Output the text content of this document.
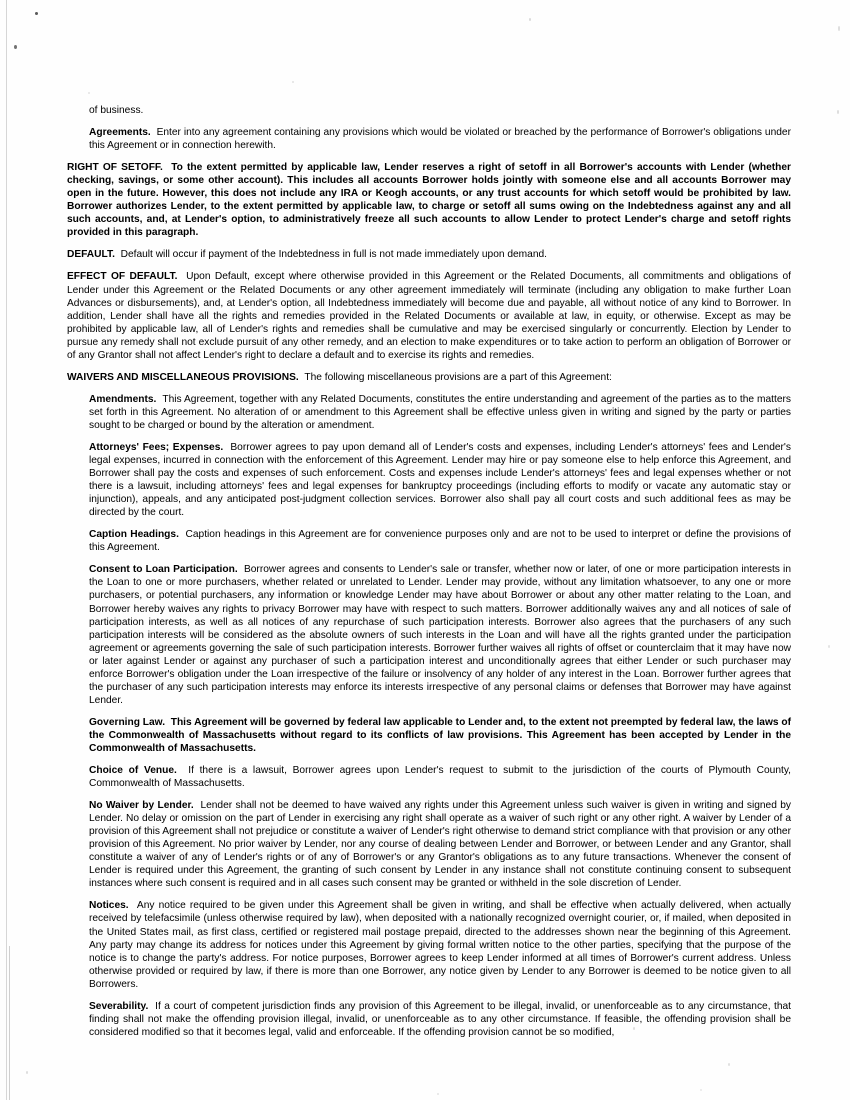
of business.

Agreements. Enter into any agreement containing any provisions which would be violated or breached by the performance of Borrower's obligations under this Agreement or in connection herewith.

RIGHT OF SETOFF. To the extent permitted by applicable law, Lender reserves a right of setoff in all Borrower's accounts with Lender (whether checking, savings, or some other account). This includes all accounts Borrower holds jointly with someone else and all accounts Borrower may open in the future. However, this does not include any IRA or Keogh accounts, or any trust accounts for which setoff would be prohibited by law. Borrower authorizes Lender, to the extent permitted by applicable law, to charge or setoff all sums owing on the Indebtedness against any and all such accounts, and, at Lender's option, to administratively freeze all such accounts to allow Lender to protect Lender's charge and setoff rights provided in this paragraph.

DEFAULT. Default will occur if payment of the Indebtedness in full is not made immediately upon demand.

EFFECT OF DEFAULT. Upon Default, except where otherwise provided in this Agreement or the Related Documents, all commitments and obligations of Lender under this Agreement or the Related Documents or any other agreement immediately will terminate (including any obligation to make further Loan Advances or disbursements), and, at Lender's option, all Indebtedness immediately will become due and payable, all without notice of any kind to Borrower. In addition, Lender shall have all the rights and remedies provided in the Related Documents or available at law, in equity, or otherwise. Except as may be prohibited by applicable law, all of Lender's rights and remedies shall be cumulative and may be exercised singularly or concurrently. Election by Lender to pursue any remedy shall not exclude pursuit of any other remedy, and an election to make expenditures or to take action to perform an obligation of Borrower or of any Grantor shall not affect Lender's right to declare a default and to exercise its rights and remedies.

WAIVERS AND MISCELLANEOUS PROVISIONS. The following miscellaneous provisions are a part of this Agreement:

Amendments. This Agreement, together with any Related Documents, constitutes the entire understanding and agreement of the parties as to the matters set forth in this Agreement. No alteration of or amendment to this Agreement shall be effective unless given in writing and signed by the party or parties sought to be charged or bound by the alteration or amendment.

Attorneys' Fees; Expenses. Borrower agrees to pay upon demand all of Lender's costs and expenses, including Lender's attorneys' fees and Lender's legal expenses, incurred in connection with the enforcement of this Agreement. Lender may hire or pay someone else to help enforce this Agreement, and Borrower shall pay the costs and expenses of such enforcement. Costs and expenses include Lender's attorneys' fees and legal expenses whether or not there is a lawsuit, including attorneys' fees and legal expenses for bankruptcy proceedings (including efforts to modify or vacate any automatic stay or injunction), appeals, and any anticipated post-judgment collection services. Borrower also shall pay all court costs and such additional fees as may be directed by the court.

Caption Headings. Caption headings in this Agreement are for convenience purposes only and are not to be used to interpret or define the provisions of this Agreement.

Consent to Loan Participation. Borrower agrees and consents to Lender's sale or transfer, whether now or later, of one or more participation interests in the Loan to one or more purchasers, whether related or unrelated to Lender. Lender may provide, without any limitation whatsoever, to any one or more purchasers, or potential purchasers, any information or knowledge Lender may have about Borrower or about any other matter relating to the Loan, and Borrower hereby waives any rights to privacy Borrower may have with respect to such matters. Borrower additionally waives any and all notices of sale of participation interests, as well as all notices of any repurchase of such participation interests. Borrower also agrees that the purchasers of any such participation interests will be considered as the absolute owners of such interests in the Loan and will have all the rights granted under the participation agreement or agreements governing the sale of such participation interests. Borrower further waives all rights of offset or counterclaim that it may have now or later against Lender or against any purchaser of such a participation interest and unconditionally agrees that either Lender or such purchaser may enforce Borrower's obligation under the Loan irrespective of the failure or insolvency of any holder of any interest in the Loan. Borrower further agrees that the purchaser of any such participation interests may enforce its interests irrespective of any personal claims or defenses that Borrower may have against Lender.

Governing Law. This Agreement will be governed by federal law applicable to Lender and, to the extent not preempted by federal law, the laws of the Commonwealth of Massachusetts without regard to its conflicts of law provisions. This Agreement has been accepted by Lender in the Commonwealth of Massachusetts.

Choice of Venue. If there is a lawsuit, Borrower agrees upon Lender's request to submit to the jurisdiction of the courts of Plymouth County, Commonwealth of Massachusetts.

No Waiver by Lender. Lender shall not be deemed to have waived any rights under this Agreement unless such waiver is given in writing and signed by Lender. No delay or omission on the part of Lender in exercising any right shall operate as a waiver of such right or any other right. A waiver by Lender of a provision of this Agreement shall not prejudice or constitute a waiver of Lender's right otherwise to demand strict compliance with that provision or any other provision of this Agreement. No prior waiver by Lender, nor any course of dealing between Lender and Borrower, or between Lender and any Grantor, shall constitute a waiver of any of Lender's rights or of any of Borrower's or any Grantor's obligations as to any future transactions. Whenever the consent of Lender is required under this Agreement, the granting of such consent by Lender in any instance shall not constitute continuing consent to subsequent instances where such consent is required and in all cases such consent may be granted or withheld in the sole discretion of Lender.

Notices. Any notice required to be given under this Agreement shall be given in writing, and shall be effective when actually delivered, when actually received by telefacsimile (unless otherwise required by law), when deposited with a nationally recognized overnight courier, or, if mailed, when deposited in the United States mail, as first class, certified or registered mail postage prepaid, directed to the addresses shown near the beginning of this Agreement. Any party may change its address for notices under this Agreement by giving formal written notice to the other parties, specifying that the purpose of the notice is to change the party's address. For notice purposes, Borrower agrees to keep Lender informed at all times of Borrower's current address. Unless otherwise provided or required by law, if there is more than one Borrower, any notice given by Lender to any Borrower is deemed to be notice given to all Borrowers.

Severability. If a court of competent jurisdiction finds any provision of this Agreement to be illegal, invalid, or unenforceable as to any circumstance, that finding shall not make the offending provision illegal, invalid, or unenforceable as to any other circumstance. If feasible, the offending provision shall be considered modified so that it becomes legal, valid and enforceable. If the offending provision cannot be so modified,
